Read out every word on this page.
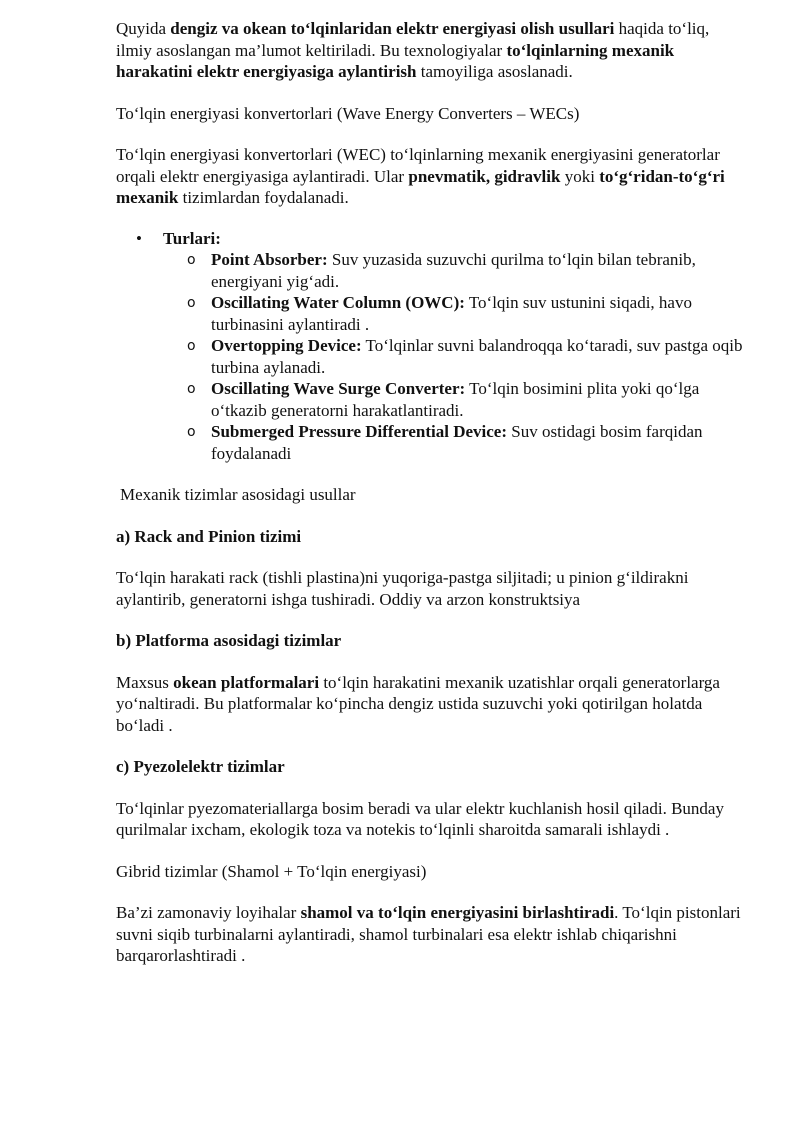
Quyida dengiz va okean to‘lqinlaridan elektr energiyasi olish usullari haqida to‘liq, ilmiy asoslangan ma’lumot keltiriladi. Bu texnologiyalar to‘lqinlarning mexanik harakatini elektr energiyasiga aylantirish tamoyiliga asoslanadi.

To‘lqin energiyasi konvertorlari (Wave Energy Converters – WECs)

To‘lqin energiyasi konvertorlari (WEC) to‘lqinlarning mexanik energiyasini generatorlar orqali elektr energiyasiga aylantiradi. Ular pnevmatik, gidravlik yoki to‘g‘ridan-to‘g‘ri mexanik tizimlardan foydalanadi.

• Turlari:
o Point Absorber: Suv yuzasida suzuvchi qurilma to‘lqin bilan tebranib, energiyani yig‘adi.
o Oscillating Water Column (OWC): To‘lqin suv ustunini siqadi, havo turbinasini aylantiradi .
o Overtopping Device: To‘lqinlar suvni balandroqqa ko‘taradi, suv pastga oqib turbina aylanadi.
o Oscillating Wave Surge Converter: To‘lqin bosimini plita yoki qo‘lga o‘tkazib generatorni harakatlantiradi.
o Submerged Pressure Differential Device: Suv ostidagi bosim farqidan foydalanadi

Mexanik tizimlar asosidagi usullar

a) Rack and Pinion tizimi

To‘lqin harakati rack (tishli plastina)ni yuqoriga-pastga siljitadi; u pinion g‘ildirakni aylantirib, generatorni ishga tushiradi. Oddiy va arzon konstruktsiya

b) Platforma asosidagi tizimlar

Maxsus okean platformalari to‘lqin harakatini mexanik uzatishlar orqali generatorlarga yo‘naltiradi. Bu platformalar ko‘pincha dengiz ustida suzuvchi yoki qotirilgan holatda bo‘ladi .

c) Pyezolelektr tizimlar

To‘lqinlar pyezomateriallarga bosim beradi va ular elektr kuchlanish hosil qiladi. Bunday qurilmalar ixcham, ekologik toza va notekis to‘lqinli sharoitda samarali ishlaydi .

Gibrid tizimlar (Shamol + To‘lqin energiyasi)

Ba’zi zamonaviy loyihalar shamol va to‘lqin energiyasini birlashtiradi. To‘lqin pistonlari suvni siqib turbinalarni aylantiradi, shamol turbinalari esa elektr ishlab chiqarishni barqarorlashtiradi .
